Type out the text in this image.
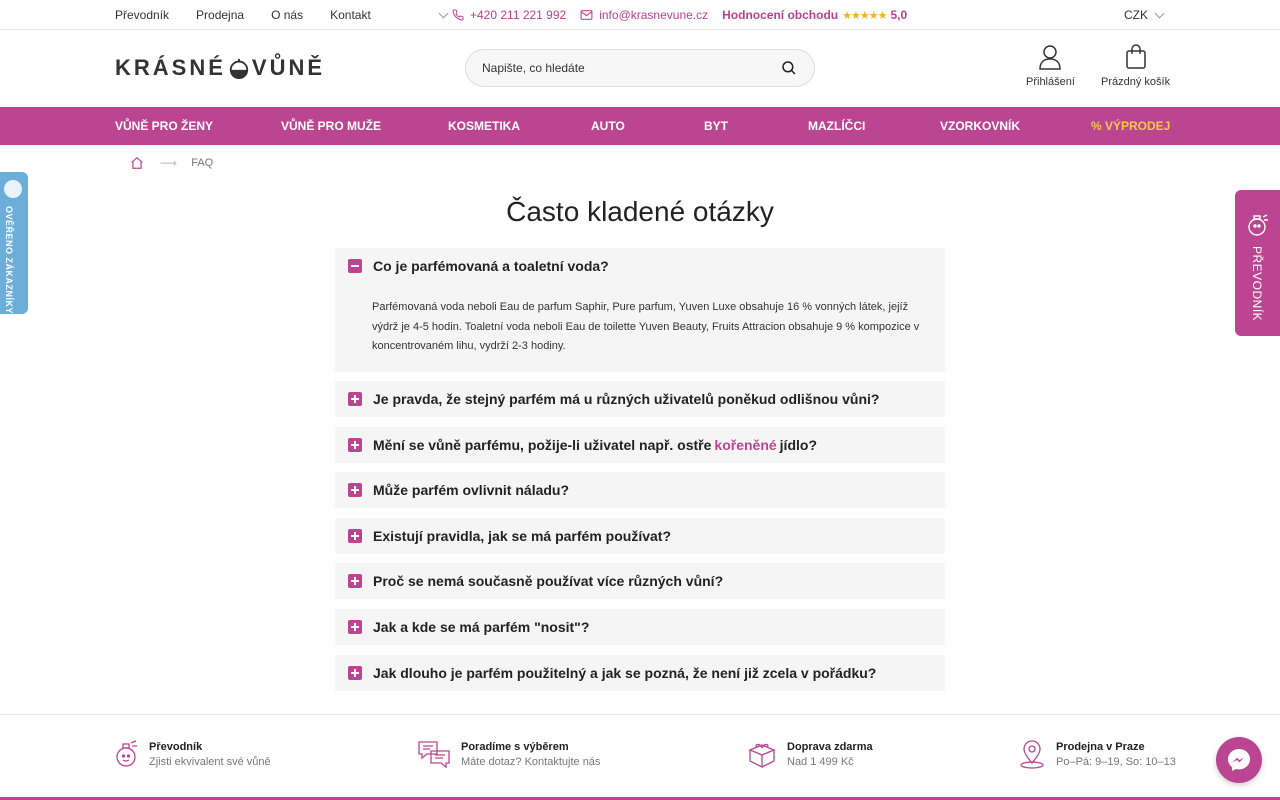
Převodník Prodejna O nás Kontakt	+420 211 221 992	info@krasnevune.cz Hodnocení obchodu ★★★★★ 5,0	CZK
KRÁSNÉ VŮNĚ
Napište, co hledáte
Přihlášení Prázdný košík
VŮNĚ PRO ŽENY	VŮNĚ PRO MUŽE	KOSMETIKA	AUTO	BYT	MAZLÍČCI	VZORKOVNÍK	% VÝPRODEJ
⟶ FAQ
OVĚŘENO ZÁKAZNÍKY	PŘEVODNÍK
Často kladené otázky
Co je parfémovaná a toaletní voda?
Parfémovaná voda neboli Eau de parfum Saphir, Pure parfum, Yuven Luxe obsahuje 16 % vonných látek, jejíž výdrž je 4-5 hodin. Toaletní voda neboli Eau de toilette Yuven Beauty, Fruits Attracion obsahuje 9 % kompozice v koncentrovaném lihu, vydrží 2-3 hodiny.
Je pravda, že stejný parfém má u různých uživatelů poněkud odlišnou vůni?
Mění se vůně parfému, požije-li uživatel např. ostře kořeněné jídlo?
Může parfém ovlivnit náladu?
Existují pravidla, jak se má parfém používat?
Proč se nemá současně používat více různých vůní?
Jak a kde se má parfém "nosit"?
Jak dlouho je parfém použitelný a jak se pozná, že není již zcela v pořádku?
Převodník
Zjisti ekvivalent své vůně
Poradíme s výběrem
Máte dotaz? Kontaktujte nás
Doprava zdarma
Nad 1 499 Kč
Prodejna v Praze
Po–Pá: 9–19, So: 10–13
